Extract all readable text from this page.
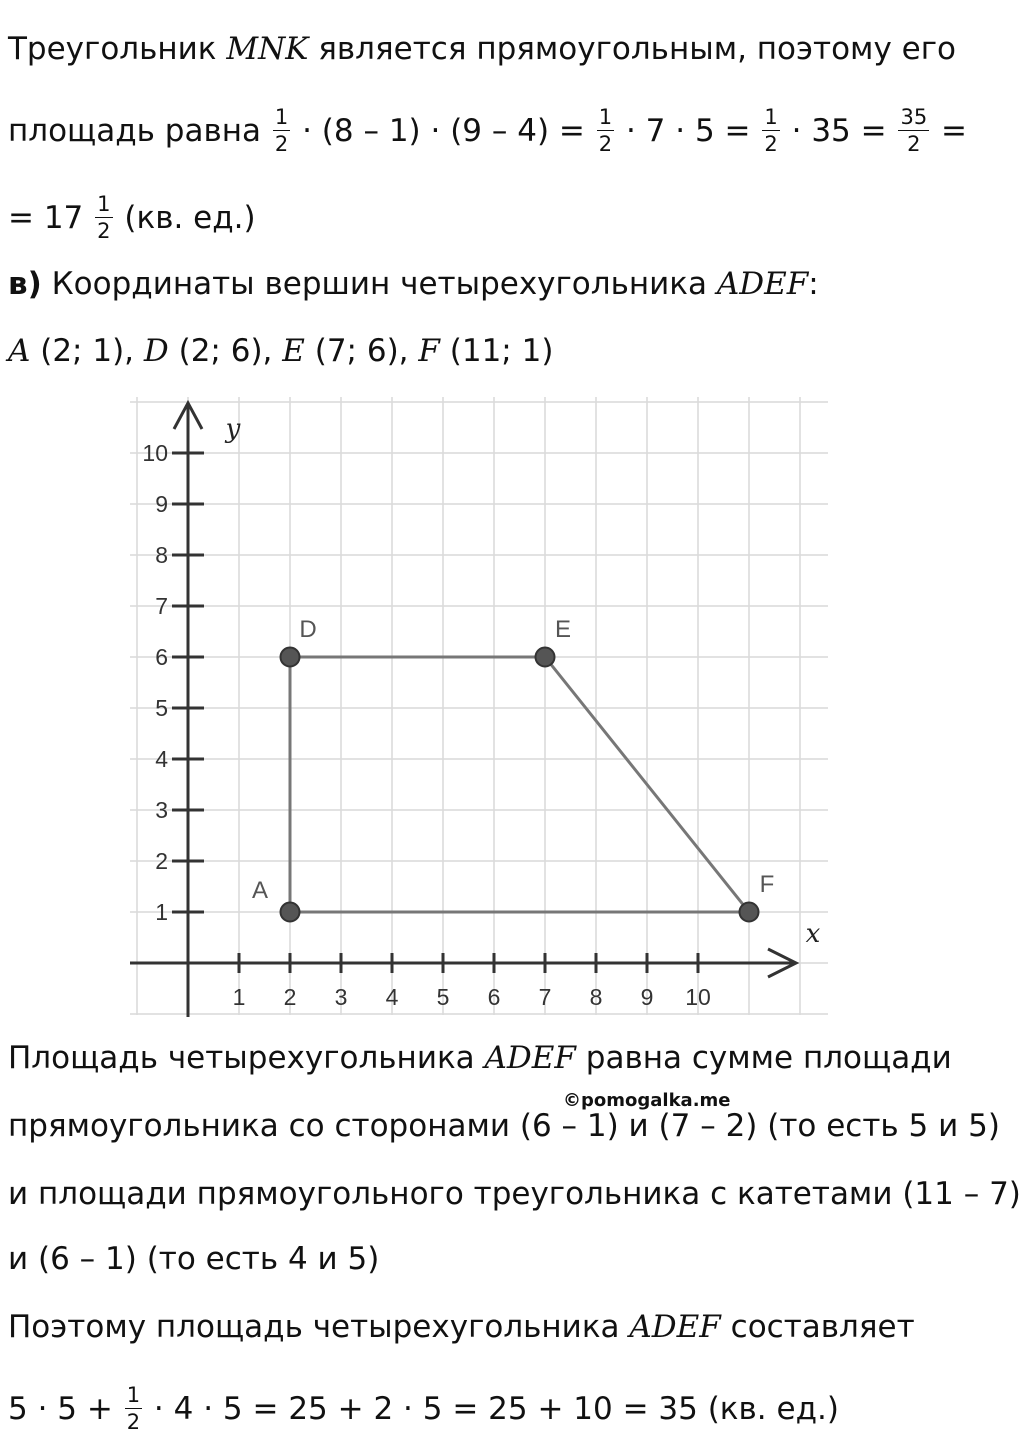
Треугольник MNK является прямоугольным, поэтому его
площадь равна $\frac{1}{2} \cdot (8 - 1) \cdot (9 - 4) = \frac{1}{2} \cdot 7 \cdot 5 = \frac{1}{2} \cdot 35 = \frac{35}{2}$ =
= $17 \frac{1}{2} (кв$. ед.)
в) Координаты вершин четырехугольника ADEF:
A (2; 1), D (2; 6), E (7; 6), F (11; 1)
x
y
1 2 3 4 5 6 7 8 9 10
1
2
3
4
5
6
7
8
9
10
A
D	E
F
©pomogalka.me
Площадь четырехугольника ADEF равна сумме площади
прямоугольника со сторонами (6 – 1) и (7 – 2) (то есть 5 и 5)
и площади прямоугольного треугольника с катетами (11 – 7)
и (6 – 1) (то есть 4 и 5)
Поэтому площадь четырехугольника ADEF составляет
$5 \cdot 5 + \frac{1}{2} \cdot 4 \cdot 5 = 25 + 2 \cdot 5 = 25 + 10 = 35$ (кв. ед.)
